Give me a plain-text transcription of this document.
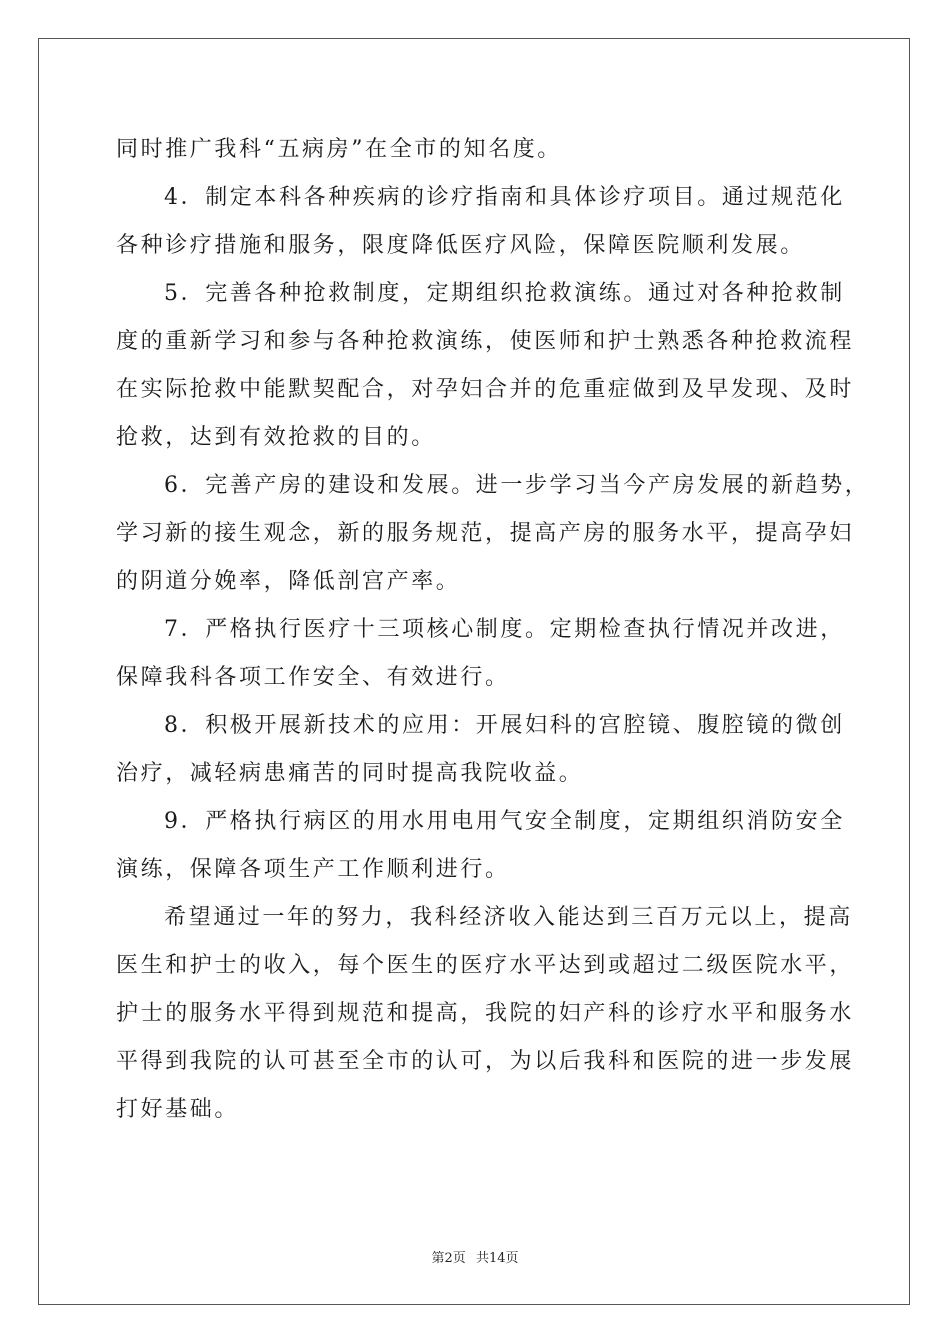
同时推广我科“五病房”在全市的知名度。
4．制定本科各种疾病的诊疗指南和具体诊疗项目。通过规范化
各种诊疗措施和服务，限度降低医疗风险，保障医院顺利发展。
5．完善各种抢救制度，定期组织抢救演练。通过对各种抢救制
度的重新学习和参与各种抢救演练，使医师和护士熟悉各种抢救流程
在实际抢救中能默契配合，对孕妇合并的危重症做到及早发现、及时
抢救，达到有效抢救的目的。
6．完善产房的建设和发展。进一步学习当今产房发展的新趋势，
学习新的接生观念，新的服务规范，提高产房的服务水平，提高孕妇
的阴道分娩率，降低剖宫产率。
7．严格执行医疗十三项核心制度。定期检查执行情况并改进，
保障我科各项工作安全、有效进行。
8．积极开展新技术的应用：开展妇科的宫腔镜、腹腔镜的微创
治疗，减轻病患痛苦的同时提高我院收益。
9．严格执行病区的用水用电用气安全制度，定期组织消防安全
演练，保障各项生产工作顺利进行。
希望通过一年的努力，我科经济收入能达到三百万元以上，提高
医生和护士的收入，每个医生的医疗水平达到或超过二级医院水平，
护士的服务水平得到规范和提高，我院的妇产科的诊疗水平和服务水
平得到我院的认可甚至全市的认可，为以后我科和医院的进一步发展
打好基础。
第2页 共14页
